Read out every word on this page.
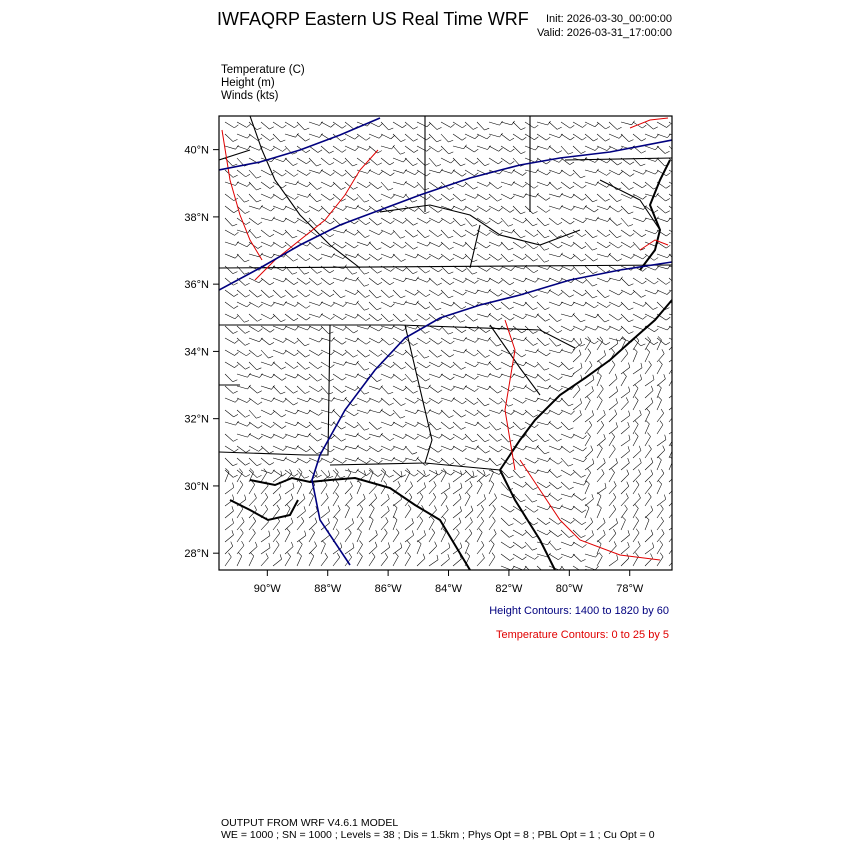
IWFAQRP Eastern US Real Time WRF Init: 2026-03-30_00:00:00
Valid: 2026-03-31_17:00:00
Temperature (C)
Height (m)
Winds (kts)
28°N
30°N
32°N
34°N
36°N
38°N
40°N
90°W	88°W	86°W	84°W	82°W	80°W	78°W
Height Contours: 1400 to 1820 by 60
Temperature Contours: 0 to 25 by 5
OUTPUT FROM WRF V4.6.1 MODEL
WE = 1000 ; SN = 1000 ; Levels = 38 ; Dis = 1.5km ; Phys Opt = 8 ; PBL Opt = 1 ; Cu Opt = 0
